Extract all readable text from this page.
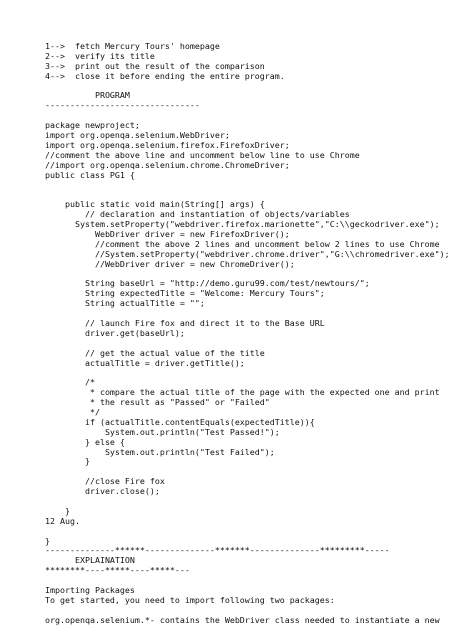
1-->  fetch Mercury Tours' homepage
2-->  verify its title
3-->  print out the result of the comparison
4-->  close it before ending the entire program.
PROGRAM
-------------------------------
package newproject;
import org.openqa.selenium.WebDriver;
import org.openqa.selenium.firefox.FirefoxDriver;
//comment the above line and uncomment below line to use Chrome
//import org.openqa.selenium.chrome.ChromeDriver;
public class PG1 {
public static void main(String[] args) {
// declaration and instantiation of objects/variables
System.setProperty("webdriver.firefox.marionette","C:\\geckodriver.exe");
WebDriver driver = new FirefoxDriver();
//comment the above 2 lines and uncomment below 2 lines to use Chrome
//System.setProperty("webdriver.chrome.driver","G:\\chromedriver.exe");
//WebDriver driver = new ChromeDriver();
String baseUrl = "http://demo.guru99.com/test/newtours/";
String expectedTitle = "Welcome: Mercury Tours";
String actualTitle = "";
// launch Fire fox and direct it to the Base URL
driver.get(baseUrl);
// get the actual value of the title
actualTitle = driver.getTitle();
/*
* compare the actual title of the page with the expected one and print
* the result as "Passed" or "Failed"
*/
if (actualTitle.contentEquals(expectedTitle)){
System.out.println("Test Passed!");
} else {
System.out.println("Test Failed");
}
//close Fire fox
driver.close();
}
12 Aug.
}
--------------******--------------*******--------------*********-----
EXPLAINATION
********----*****----*****---
Importing Packages
To get started, you need to import following two packages:
org.openqa.selenium.*- contains the WebDriver class needed to instantiate a new
